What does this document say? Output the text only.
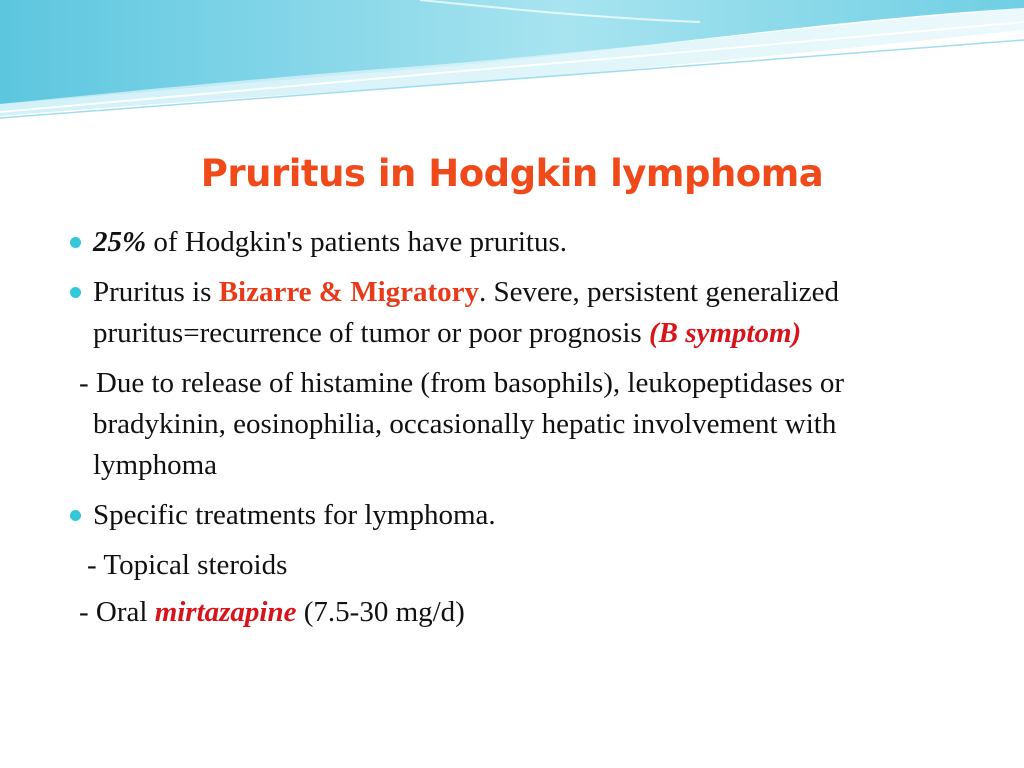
Pruritus in Hodgkin lymphoma
25% of Hodgkin's patients have pruritus.
Pruritus is Bizarre & Migratory. Severe, persistent generalized pruritus=recurrence of tumor or poor prognosis (B symptom)
- Due to release of histamine (from basophils), leukopeptidases or bradykinin, eosinophilia, occasionally hepatic involvement with lymphoma
Specific treatments for lymphoma.
- Topical steroids
- Oral mirtazapine (7.5-30 mg/d)
